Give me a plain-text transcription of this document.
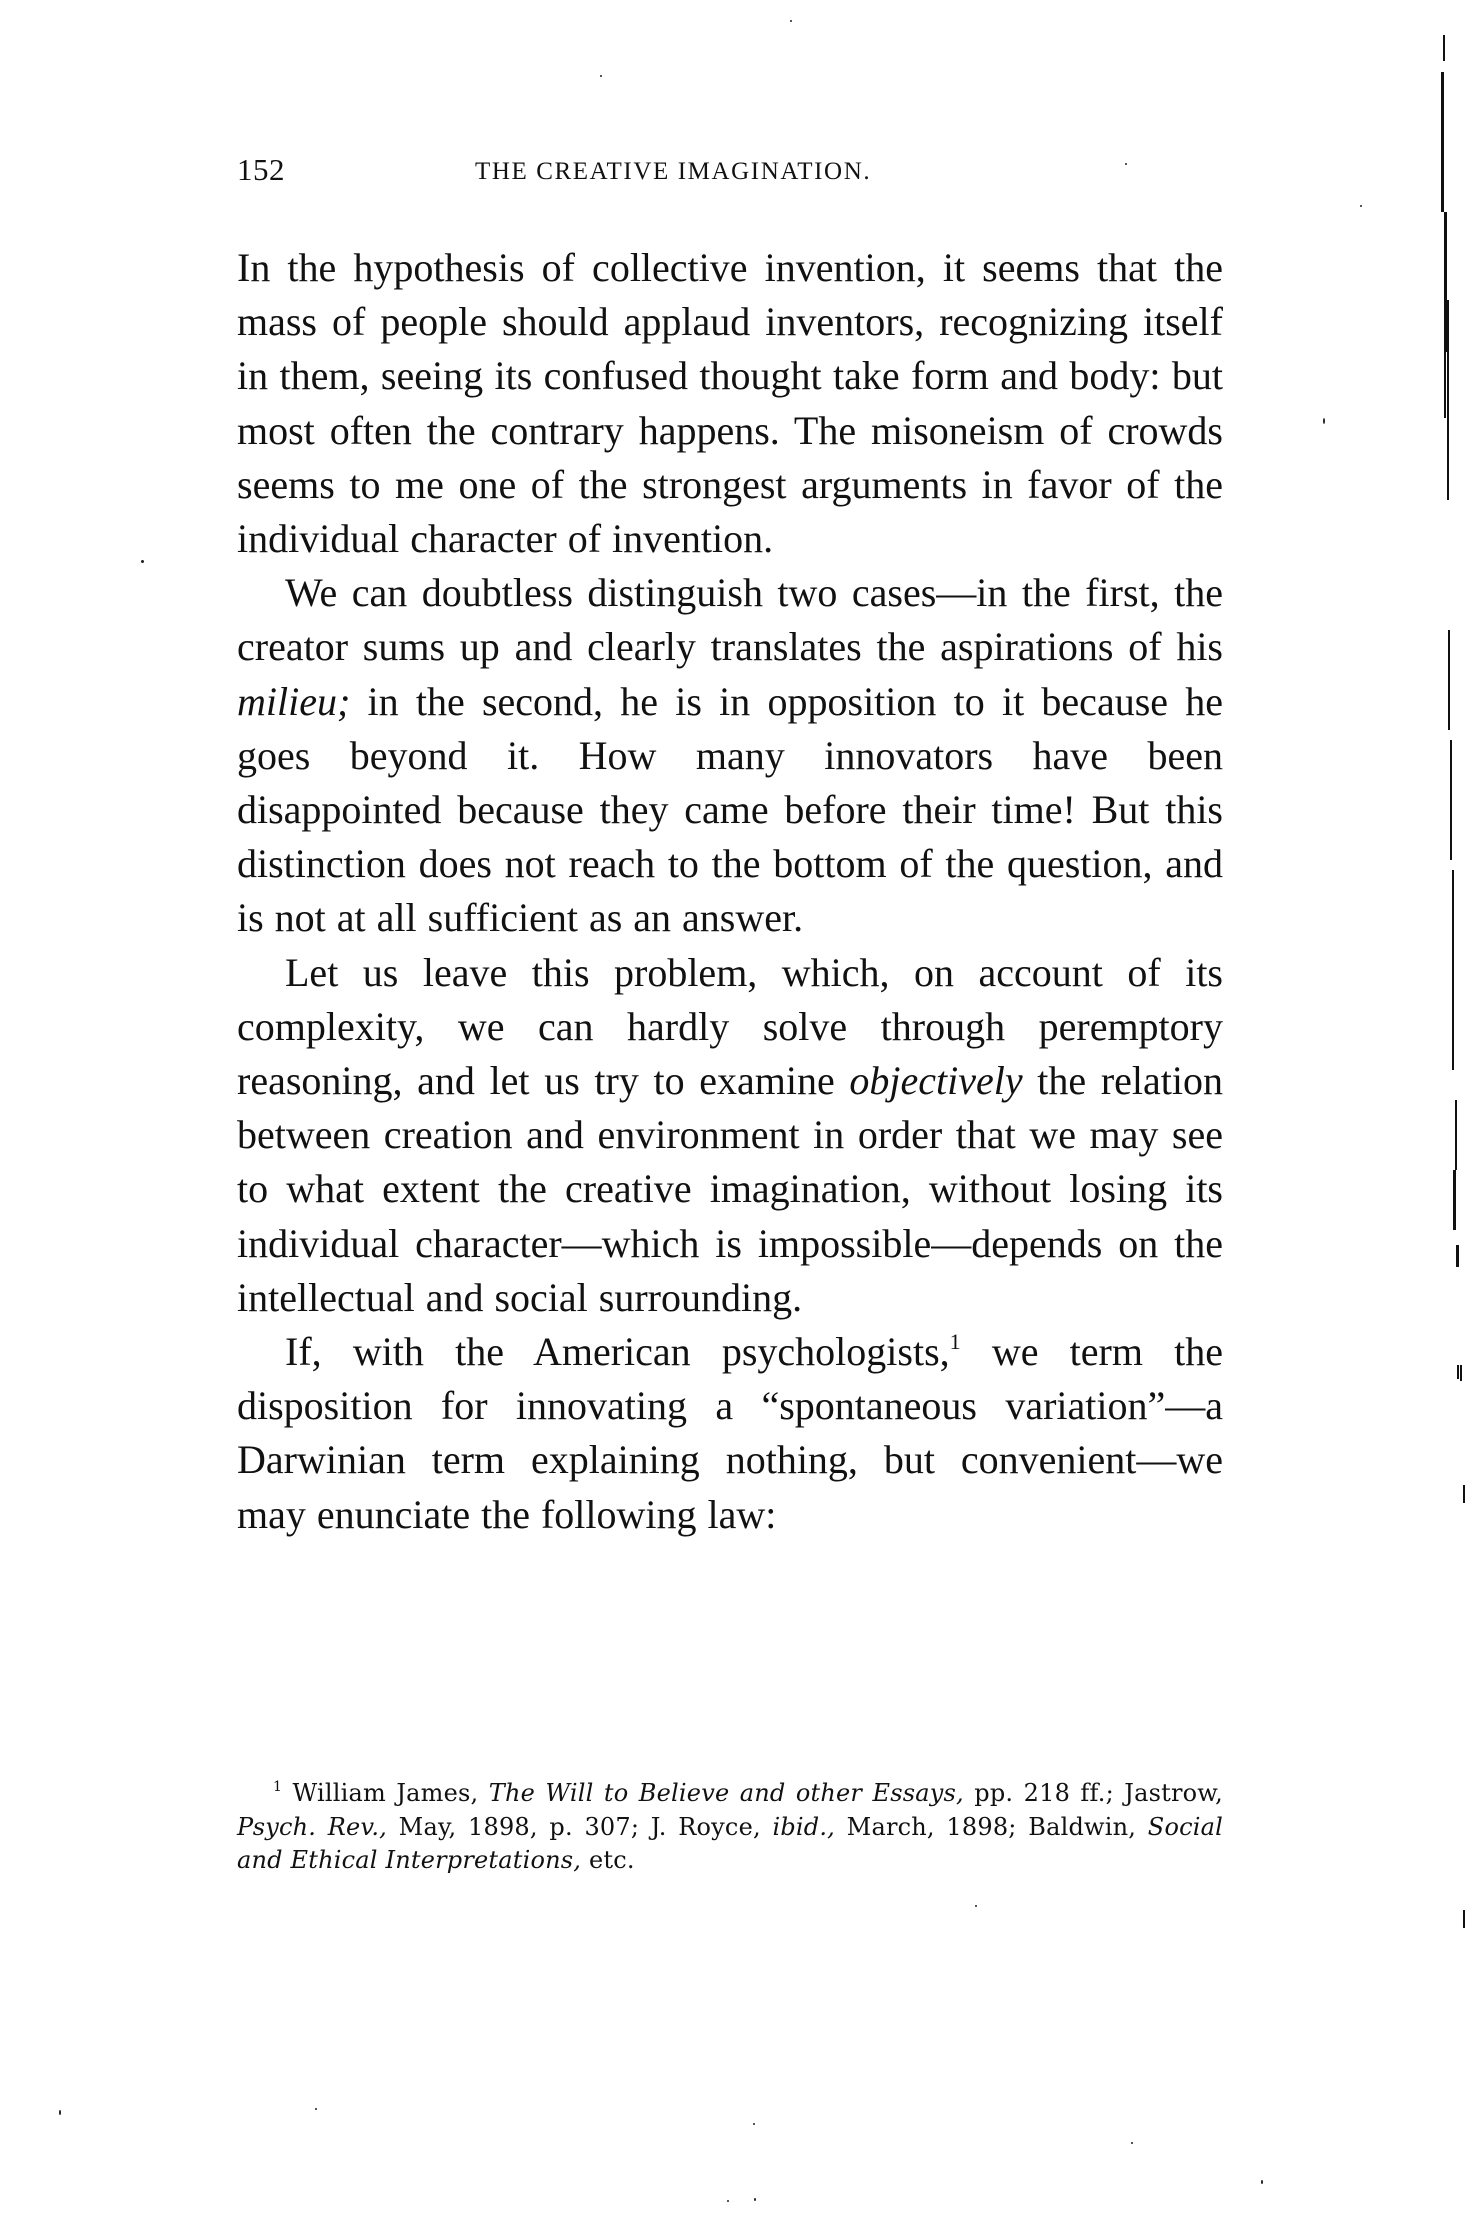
152	THE CREATIVE IMAGINATION.

In the hypothesis of collective invention, it seems that the mass of people should applaud inventors, recognizing itself in them, seeing its confused thought take form and body: but most often the contrary happens. The misoneism of crowds seems to me one of the strongest arguments in favor of the individual character of invention.

We can doubtless distinguish two cases—in the first, the creator sums up and clearly translates the aspirations of his milieu; in the second, he is in opposition to it because he goes beyond it. How many innovators have been disappointed because they came before their time! But this distinction does not reach to the bottom of the question, and is not at all sufficient as an answer.

Let us leave this problem, which, on account of its complexity, we can hardly solve through peremptory reasoning, and let us try to examine objectively the relation between creation and environment in order that we may see to what extent the creative imagination, without losing its individual character—which is impossible—depends on the intellectual and social surrounding.

If, with the American psychologists,$^1$ we term the disposition for innovating a “spontaneous variation”—a Darwinian term explaining nothing, but convenient—we may enunciate the following law:

$^1$ William James, The Will to Believe and other Essays, pp. 218 ff.; Jastrow, Psych. Rev., May, 1898, p. 307; J. Royce, ibid., March, 1898; Baldwin, Social and Ethical Interpretations, etc.
